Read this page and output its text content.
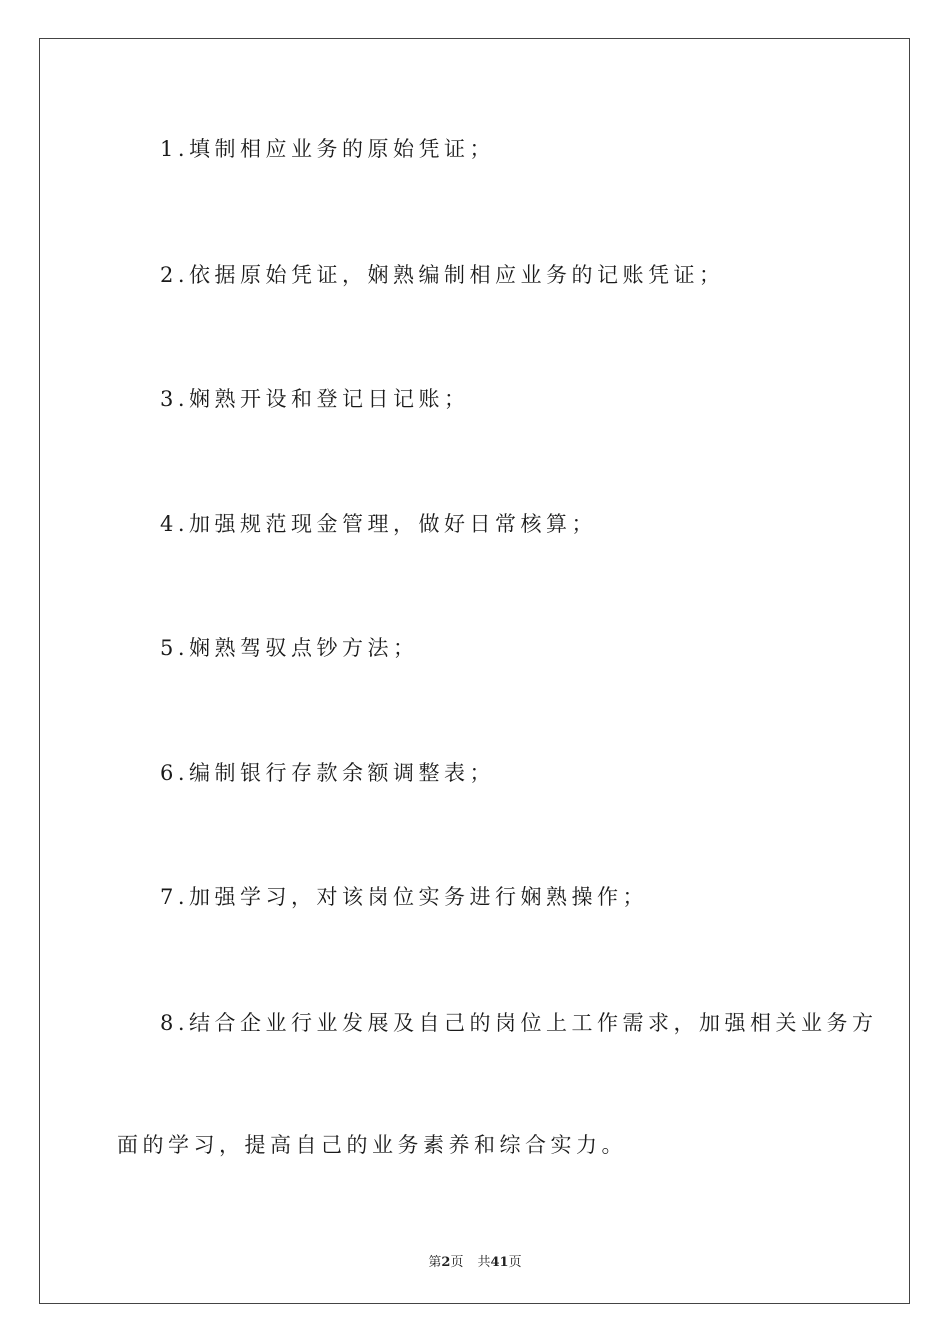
1.填制相应业务的原始凭证；
2.依据原始凭证，娴熟编制相应业务的记账凭证；
3.娴熟开设和登记日记账；
4.加强规范现金管理，做好日常核算；
5.娴熟驾驭点钞方法；
6.编制银行存款余额调整表；
7.加强学习，对该岗位实务进行娴熟操作；
8.结合企业行业发展及自己的岗位上工作需求，加强相关业务方
面的学习，提高自己的业务素养和综合实力。
第2页 共41页
